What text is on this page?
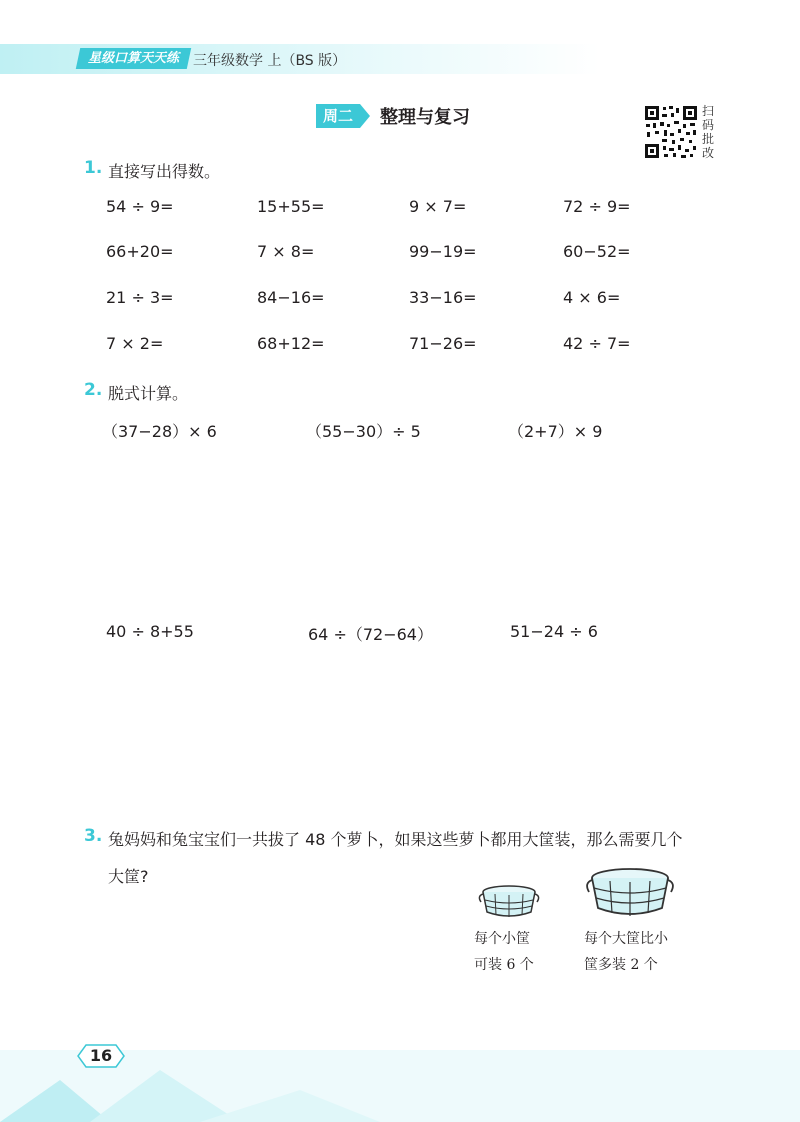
星级口算天天练 三年级数学 上（BS 版）
周二	整理与复习	扫
码
批
改
1. 直接写出得数。
54 ÷ 9=	15+55=	9 × 7=	72 ÷ 9=
66+20=	7 × 8=	99−19=	60−52=
21 ÷ 3=	84−16=	33−16=	4 × 6=
7 × 2=	68+12=	71−26=	42 ÷ 7=
2. 脱式计算。
（37−28）× 6	（55−30）÷ 5	（2+7）× 9
40 ÷ 8+55	64 ÷（72−64）	51−24 ÷ 6
3. 兔妈妈和兔宝宝们一共拔了 48 个萝卜，如果这些萝卜都用大筐装，那么需要几个
大筐?
每个小筐
可装 6 个
每个大筐比小
筐多装 2 个
16
